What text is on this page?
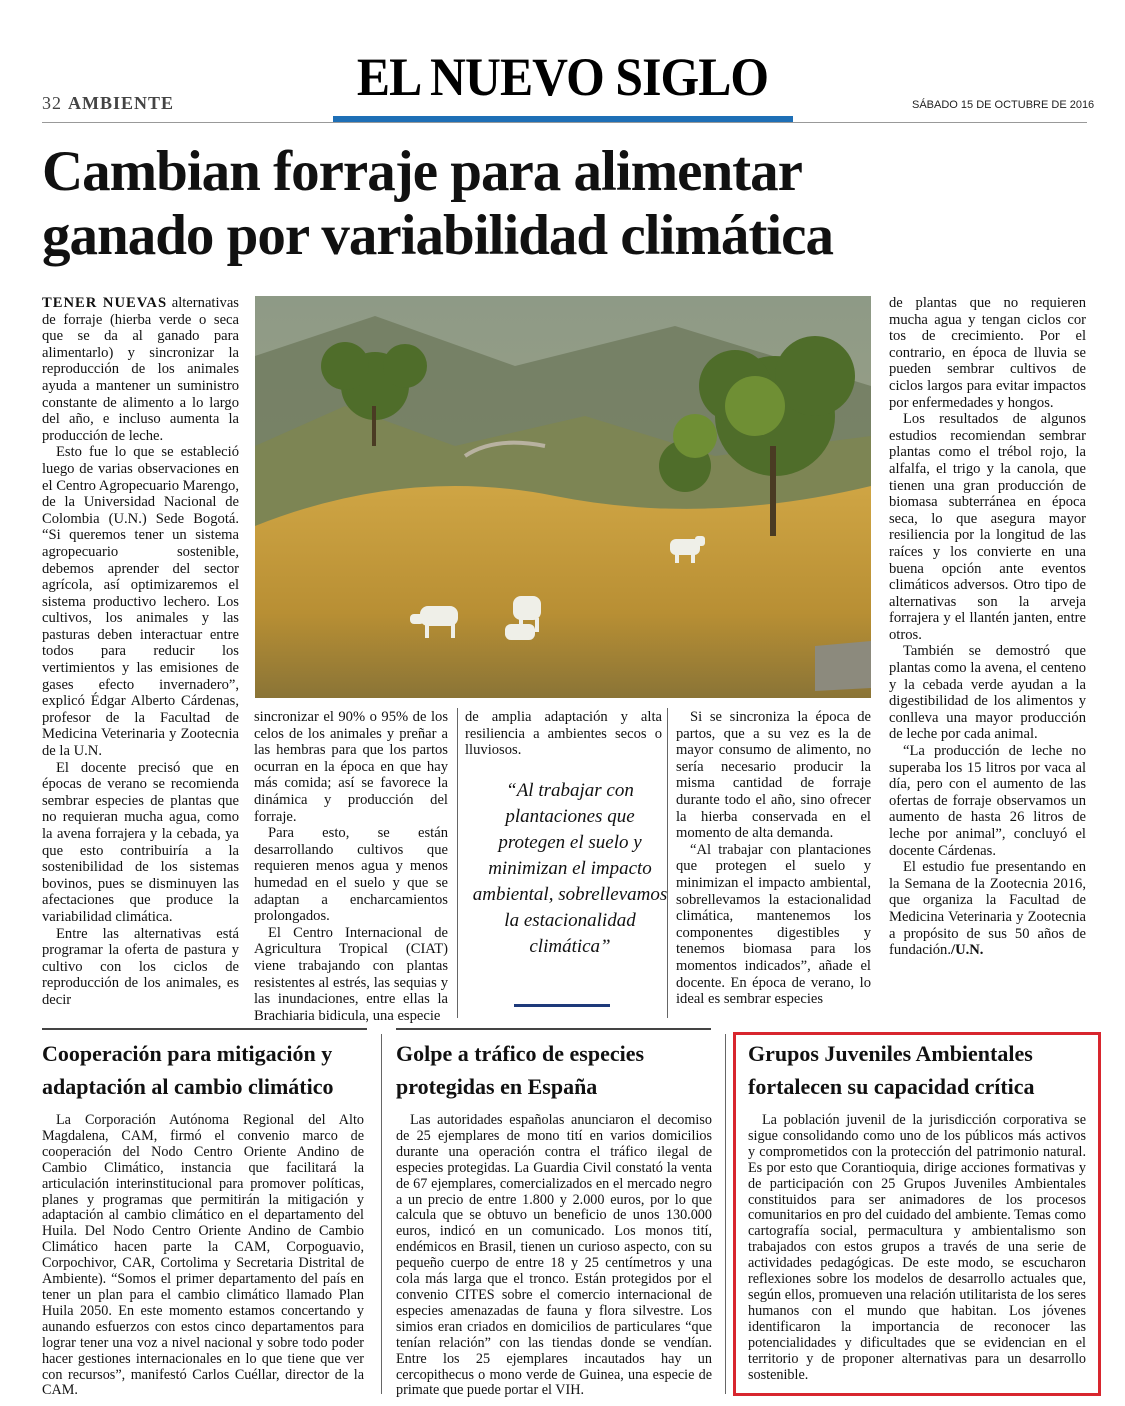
EL NUEVO SIGLO
32 AMBIENTE	SÁBADO 15 DE OCTUBRE DE 2016
Cambian forraje para alimentar
ganado por variabilidad climática

TENER NUEVAS alternativas de forraje (hierba verde o seca que se da al ganado para alimentarlo) y sincronizar la reproducción de los animales ayuda a mantener un suministro constante de alimento a lo largo del año, e incluso aumenta la producción de leche.

Esto fue lo que se estableció luego de varias observaciones en el Centro Agropecuario Marengo, de la Universidad Nacional de Colombia (U.N.) Sede Bogotá. “Si queremos tener un sistema agropecuario sostenible, debemos aprender del sector agrícola, así optimizaremos el sistema productivo lechero. Los cultivos, los animales y las pasturas deben interactuar entre todos para reducir los vertimientos y las emisiones de gases efecto invernadero”, explicó Édgar Alberto Cárdenas, profesor de la Facultad de Medicina Veterinaria y Zootecnia de la U.N.

El docente precisó que en épocas de verano se recomienda sembrar especies de plantas que no requieran mucha agua, como la avena forrajera y la cebada, ya que esto contribuiría a la sostenibilidad de los sistemas bovinos, pues se disminuyen las afectaciones que produce la variabilidad climática.

Entre las alternativas está programar la oferta de pastura y cultivo con los ciclos de reproducción de los animales, es decir

sincronizar el 90% o 95% de los celos de los animales y preñar a las hembras para que los partos ocurran en la época en que hay más comida; así se favorece la dinámica y producción del forraje.

Para esto, se están desarrollando cultivos que requieren menos agua y menos humedad en el suelo y que se adaptan a encharcamientos prolongados.

El Centro Internacional de Agricultura Tropical (CIAT) viene trabajando con plantas resistentes al estrés, las sequias y las inundaciones, entre ellas la Brachiaria bidicula, una especie

de amplia adaptación y alta resiliencia a ambientes secos o lluviosos.

“Al trabajar con plantaciones que protegen el suelo y minimizan el impacto ambiental, sobrellevamos la estacionalidad climática”

Si se sincroniza la época de partos, que a su vez es la de mayor consumo de alimento, no sería necesario producir la misma cantidad de forraje durante todo el año, sino ofrecer la hierba conservada en el momento de alta demanda.

“Al trabajar con plantaciones que protegen el suelo y minimizan el impacto ambiental, sobrellevamos la estacionalidad climática, mantenemos los componentes digestibles y tenemos biomasa para los momentos indicados”, añade el docente. En época de verano, lo ideal es sembrar especies

de plantas que no requieren mucha agua y tengan ciclos cor tos de crecimiento. Por el contrario, en época de lluvia se pueden sembrar cultivos de ciclos largos para evitar impactos por enfermedades y hongos.

Los resultados de algunos estudios recomiendan sembrar plantas como el trébol rojo, la alfalfa, el trigo y la canola, que tienen una gran producción de biomasa subterránea en época seca, lo que asegura mayor resiliencia por la longitud de las raíces y los convierte en una buena opción ante eventos climáticos adversos. Otro tipo de alternativas son la arveja forrajera y el llantén janten, entre otros.

También se demostró que plantas como la avena, el centeno y la cebada verde ayudan a la digestibilidad de los alimentos y conlleva una mayor producción de leche por cada animal.

“La producción de leche no superaba los 15 litros por vaca al día, pero con el aumento de las ofertas de forraje observamos un aumento de hasta 26 litros de leche por animal”, concluyó el docente Cárdenas.

El estudio fue presentando en la Semana de la Zootecnia 2016, que organiza la Facultad de Medicina Veterinaria y Zootecnia a propósito de sus 50 años de fundación./U.N.

Cooperación para mitigación y
adaptación al cambio climático

La Corporación Autónoma Regional del Alto Magdalena, CAM, firmó el convenio marco de cooperación del Nodo Centro Oriente Andino de Cambio Climático, instancia que facilitará la articulación interinstitucional para promover políticas, planes y programas que permitirán la mitigación y adaptación al cambio climático en el departamento del Huila. Del Nodo Centro Oriente Andino de Cambio Climático hacen parte la CAM, Corpoguavio, Corpochivor, CAR, Cortolima y Secretaria Distrital de Ambiente). “Somos el primer departamento del país en tener un plan para el cambio climático llamado Plan Huila 2050. En este momento estamos concertando y aunando esfuerzos con estos cinco departamentos para lograr tener una voz a nivel nacional y sobre todo poder hacer gestiones internacionales en lo que tiene que ver con recursos”, manifestó Carlos Cuéllar, director de la CAM.

Golpe a tráfico de especies
protegidas en España

Las autoridades españolas anunciaron el decomiso de 25 ejemplares de mono tití en varios domicilios durante una operación contra el tráfico ilegal de especies protegidas. La Guardia Civil constató la venta de 67 ejemplares, comercializados en el mercado negro a un precio de entre 1.800 y 2.000 euros, por lo que calcula que se obtuvo un beneficio de unos 130.000 euros, indicó en un comunicado. Los monos tití, endémicos en Brasil, tienen un curioso aspecto, con su pequeño cuerpo de entre 18 y 25 centímetros y una cola más larga que el tronco. Están protegidos por el convenio CITES sobre el comercio internacional de especies amenazadas de fauna y flora silvestre. Los simios eran criados en domicilios de particulares “que tenían relación” con las tiendas donde se vendían. Entre los 25 ejemplares incautados hay un cercopithecus o mono verde de Guinea, una especie de primate que puede portar el VIH.

Grupos Juveniles Ambientales
fortalecen su capacidad crítica

La población juvenil de la jurisdicción corporativa se sigue consolidando como uno de los públicos más activos y comprometidos con la protección del patrimonio natural. Es por esto que Corantioquia, dirige acciones formativas y de participación con 25 Grupos Juveniles Ambientales constituidos para ser animadores de los procesos comunitarios en pro del cuidado del ambiente. Temas como cartografía social, permacultura y ambientalismo son trabajados con estos grupos a través de una serie de actividades pedagógicas. De este modo, se escucharon reflexiones sobre los modelos de desarrollo actuales que, según ellos, promueven una relación utilitarista de los seres humanos con el mundo que habitan. Los jóvenes identificaron la importancia de reconocer las potencialidades y dificultades que se evidencian en el territorio y de proponer alternativas para un desarrollo sostenible.
